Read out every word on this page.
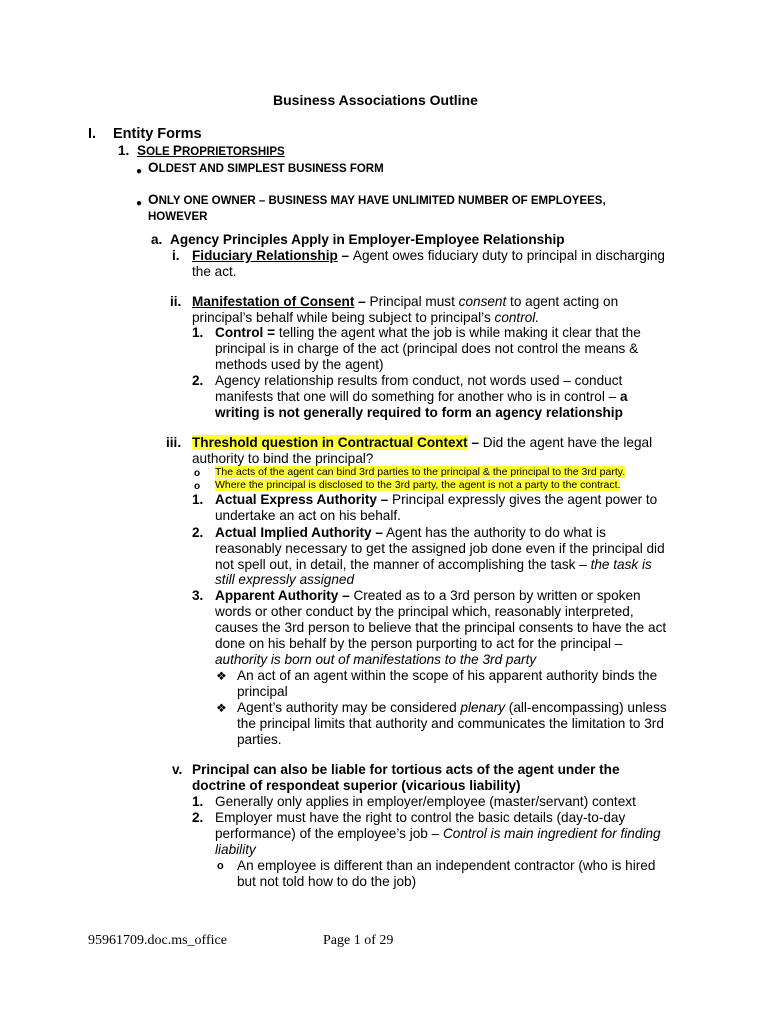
Business Associations Outline
I. Entity Forms
1. SOLE PROPRIETORSHIPS
● OLDEST AND SIMPLEST BUSINESS FORM
● ONLY ONE OWNER – BUSINESS MAY HAVE UNLIMITED NUMBER OF EMPLOYEES,
HOWEVER
a. Agency Principles Apply in Employer-Employee Relationship
i. Fiduciary Relationship – Agent owes fiduciary duty to principal in discharging
the act.
ii. Manifestation of Consent – Principal must consent to agent acting on
principal’s behalf while being subject to principal’s control.
1. Control = telling the agent what the job is while making it clear that the
principal is in charge of the act (principal does not control the means &
methods used by the agent)
2. Agency relationship results from conduct, not words used – conduct
manifests that one will do something for another who is in control – a
writing is not generally required to form an agency relationship
iii. Threshold question in Contractual Context – Did the agent have the legal
authority to bind the principal?
o The acts of the agent can bind 3rd parties to the principal & the principal to the 3rd party.
o Where the principal is disclosed to the 3rd party, the agent is not a party to the contract.
1. Actual Express Authority – Principal expressly gives the agent power to
undertake an act on his behalf.
2. Actual Implied Authority – Agent has the authority to do what is
reasonably necessary to get the assigned job done even if the principal did
not spell out, in detail, the manner of accomplishing the task – the task is
still expressly assigned
3. Apparent Authority – Created as to a 3rd person by written or spoken
words or other conduct by the principal which, reasonably interpreted,
causes the 3rd person to believe that the principal consents to have the act
done on his behalf by the person purporting to act for the principal –
authority is born out of manifestations to the 3rd party
❖ An act of an agent within the scope of his apparent authority binds the
principal
❖ Agent’s authority may be considered plenary (all-encompassing) unless
the principal limits that authority and communicates the limitation to 3rd
parties.
v. Principal can also be liable for tortious acts of the agent under the
doctrine of respondeat superior (vicarious liability)
1. Generally only applies in employer/employee (master/servant) context
2. Employer must have the right to control the basic details (day-to-day
performance) of the employee’s job – Control is main ingredient for finding
liability
o An employee is different than an independent contractor (who is hired
but not told how to do the job)
95961709.doc.ms_office	Page 1 of 29
